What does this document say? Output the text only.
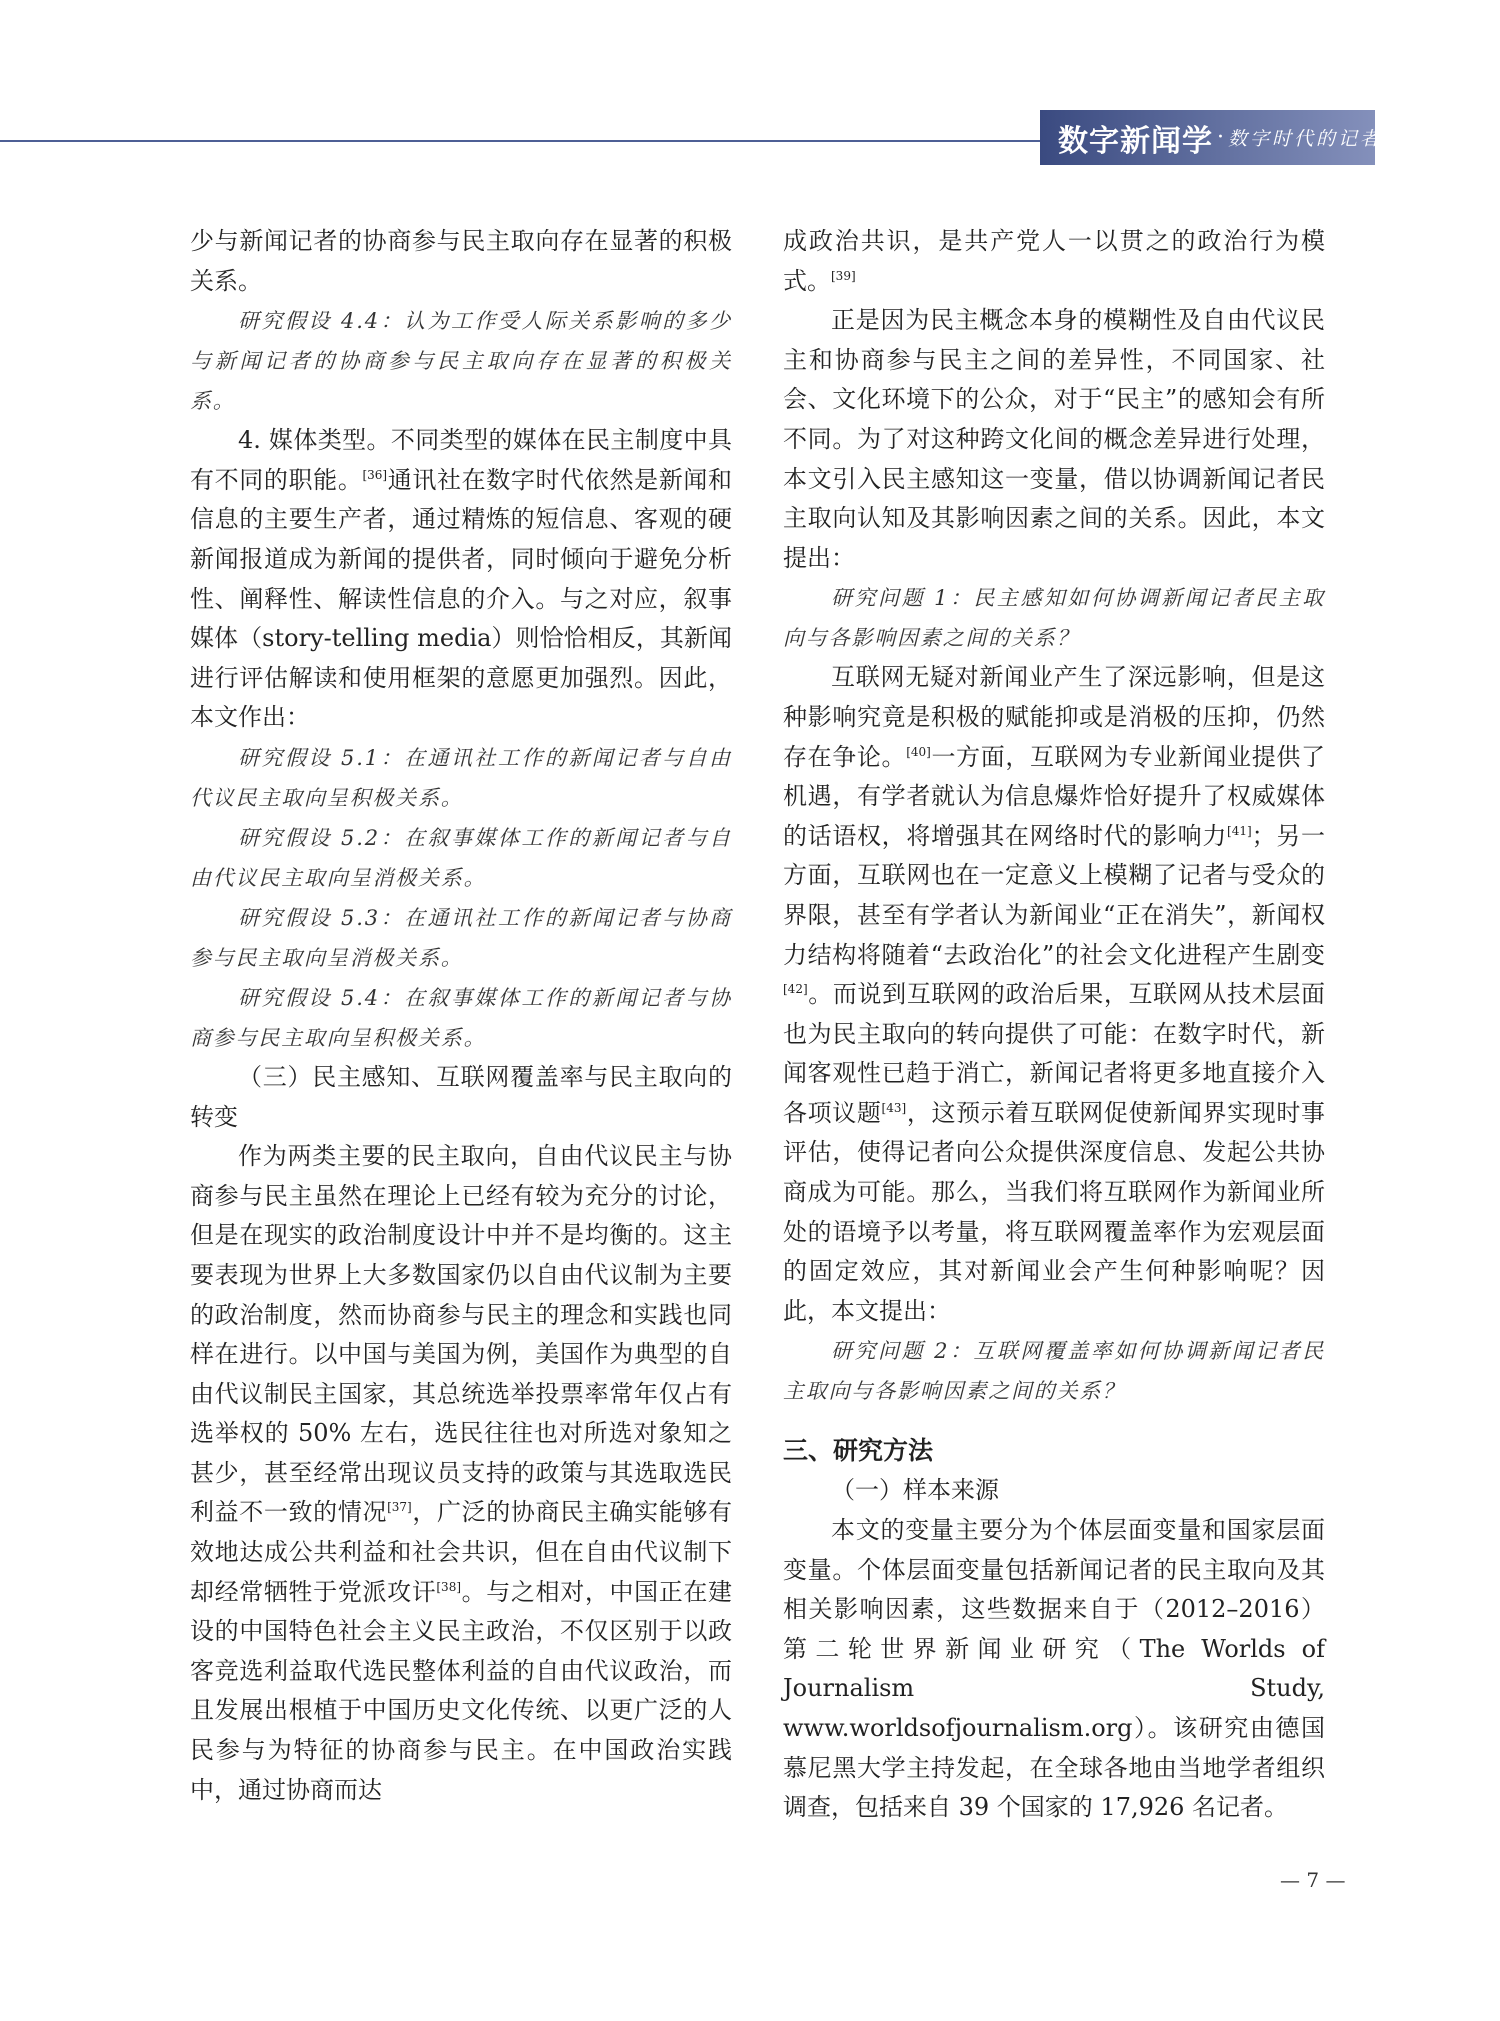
数字新闻学 · 数字时代的记者

少与新闻记者的协商参与民主取向存在显著的积极关系。

研究假设 4.4：认为工作受人际关系影响的多少与新闻记者的协商参与民主取向存在显著的积极关系。

4. 媒体类型。不同类型的媒体在民主制度中具有不同的职能。[36]通讯社在数字时代依然是新闻和信息的主要生产者，通过精炼的短信息、客观的硬新闻报道成为新闻的提供者，同时倾向于避免分析性、阐释性、解读性信息的介入。与之对应，叙事媒体（story-telling media）则恰恰相反，其新闻进行评估解读和使用框架的意愿更加强烈。因此，本文作出：

研究假设 5.1：在通讯社工作的新闻记者与自由代议民主取向呈积极关系。

研究假设 5.2：在叙事媒体工作的新闻记者与自由代议民主取向呈消极关系。

研究假设 5.3：在通讯社工作的新闻记者与协商参与民主取向呈消极关系。

研究假设 5.4：在叙事媒体工作的新闻记者与协商参与民主取向呈积极关系。

（三）民主感知、互联网覆盖率与民主取向的转变

作为两类主要的民主取向，自由代议民主与协商参与民主虽然在理论上已经有较为充分的讨论，但是在现实的政治制度设计中并不是均衡的。这主要表现为世界上大多数国家仍以自由代议制为主要的政治制度，然而协商参与民主的理念和实践也同样在进行。以中国与美国为例，美国作为典型的自由代议制民主国家，其总统选举投票率常年仅占有选举权的 50% 左右，选民往往也对所选对象知之甚少，甚至经常出现议员支持的政策与其选取选民利益不一致的情况[37]，广泛的协商民主确实能够有效地达成公共利益和社会共识，但在自由代议制下却经常牺牲于党派攻讦[38]。与之相对，中国正在建设的中国特色社会主义民主政治，不仅区别于以政客竞选利益取代选民整体利益的自由代议政治，而且发展出根植于中国历史文化传统、以更广泛的人民参与为特征的协商参与民主。在中国政治实践中，通过协商而达

成政治共识，是共产党人一以贯之的政治行为模式。[39]

正是因为民主概念本身的模糊性及自由代议民主和协商参与民主之间的差异性，不同国家、社会、文化环境下的公众，对于“民主”的感知会有所不同。为了对这种跨文化间的概念差异进行处理，本文引入民主感知这一变量，借以协调新闻记者民主取向认知及其影响因素之间的关系。因此，本文提出：

研究问题 1：民主感知如何协调新闻记者民主取向与各影响因素之间的关系？

互联网无疑对新闻业产生了深远影响，但是这种影响究竟是积极的赋能抑或是消极的压抑，仍然存在争论。[40]一方面，互联网为专业新闻业提供了机遇，有学者就认为信息爆炸恰好提升了权威媒体的话语权，将增强其在网络时代的影响力[41]；另一方面，互联网也在一定意义上模糊了记者与受众的界限，甚至有学者认为新闻业“正在消失”，新闻权力结构将随着“去政治化”的社会文化进程产生剧变[42]。而说到互联网的政治后果，互联网从技术层面也为民主取向的转向提供了可能：在数字时代，新闻客观性已趋于消亡，新闻记者将更多地直接介入各项议题[43]，这预示着互联网促使新闻界实现时事评估，使得记者向公众提供深度信息、发起公共协商成为可能。那么，当我们将互联网作为新闻业所处的语境予以考量，将互联网覆盖率作为宏观层面的固定效应，其对新闻业会产生何种影响呢？因此，本文提出：

研究问题 2：互联网覆盖率如何协调新闻记者民主取向与各影响因素之间的关系？

三、研究方法

（一）样本来源

本文的变量主要分为个体层面变量和国家层面变量。个体层面变量包括新闻记者的民主取向及其相关影响因素，这些数据来自于（2012–2016）第二轮世界新闻业研究（The Worlds of Journalism Study, www.worldsofjournalism.org）。该研究由德国慕尼黑大学主持发起，在全球各地由当地学者组织调查，包括来自 39 个国家的 17,926 名记者。

— 7 —
